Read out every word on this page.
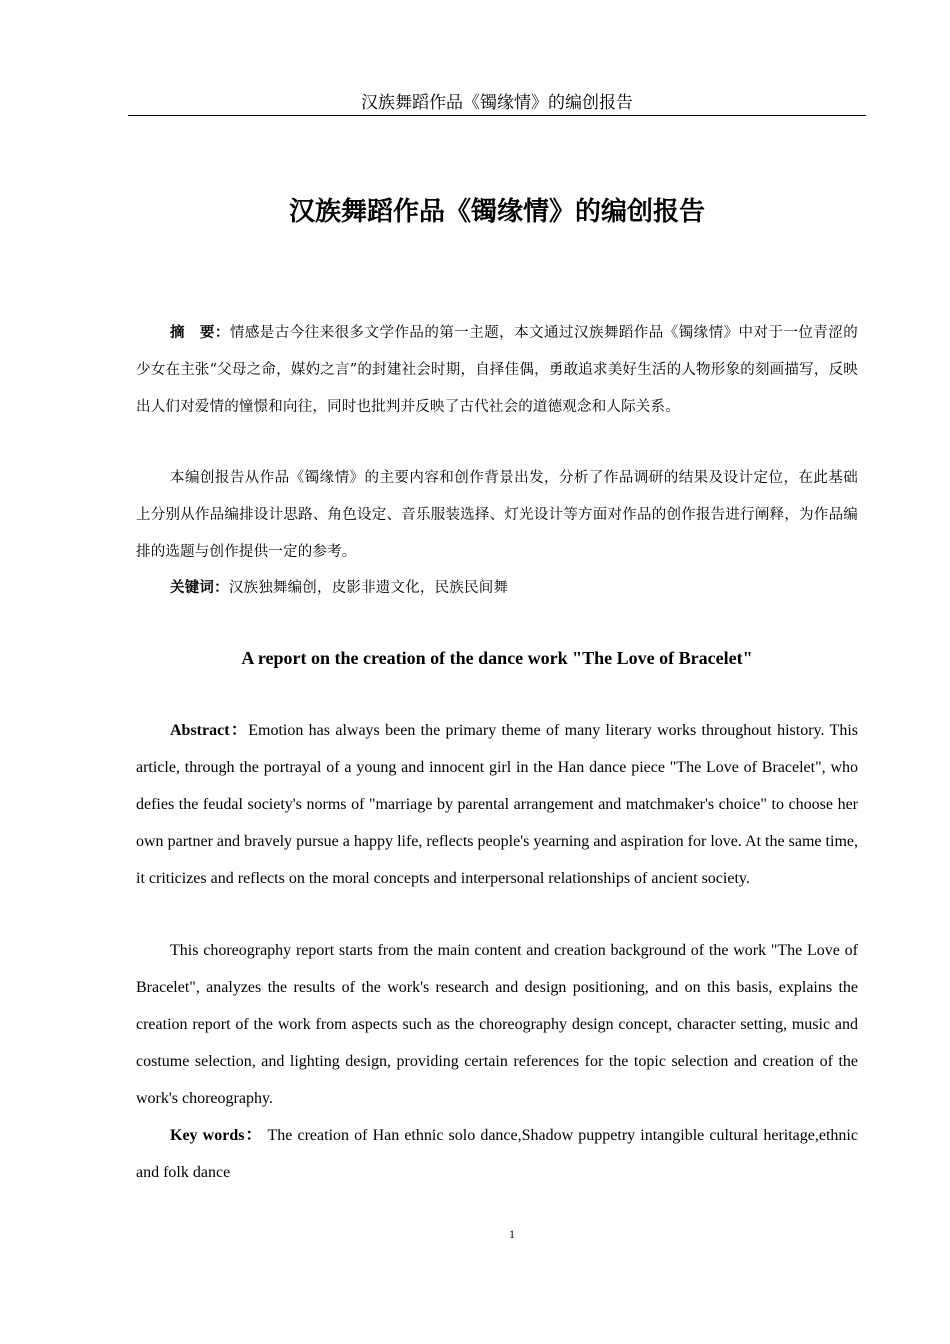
汉族舞蹈作品《镯缘情》的编创报告
汉族舞蹈作品《镯缘情》的编创报告

摘　要：情感是古今往来很多文学作品的第一主题，本文通过汉族舞蹈作品《镯缘情》中对于一位青涩的少女在主张“父母之命，媒妁之言”的封建社会时期，自择佳偶，勇敢追求美好生活的人物形象的刻画描写，反映出人们对爱情的憧憬和向往，同时也批判并反映了古代社会的道德观念和人际关系。

本编创报告从作品《镯缘情》的主要内容和创作背景出发，分析了作品调研的结果及设计定位，在此基础上分别从作品编排设计思路、角色设定、音乐服装选择、灯光设计等方面对作品的创作报告进行阐释，为作品编排的选题与创作提供一定的参考。

关键词：汉族独舞编创，皮影非遗文化，民族民间舞

A report on the creation of the dance work "The Love of Bracelet"

Abstract：Emotion has always been the primary theme of many literary works throughout history. This article, through the portrayal of a young and innocent girl in the Han dance piece "The Love of Bracelet", who defies the feudal society's norms of "marriage by parental arrangement and matchmaker's choice" to choose her own partner and bravely pursue a happy life, reflects people's yearning and aspiration for love. At the same time, it criticizes and reflects on the moral concepts and interpersonal relationships of ancient society.

This choreography report starts from the main content and creation background of the work "The Love of Bracelet", analyzes the results of the work's research and design positioning, and on this basis, explains the creation report of the work from aspects such as the choreography design concept, character setting, music and costume selection, and lighting design, providing certain references for the topic selection and creation of the work's choreography.

Key words： The creation of Han ethnic solo dance,Shadow puppetry intangible cultural heritage,ethnic and folk dance

1
